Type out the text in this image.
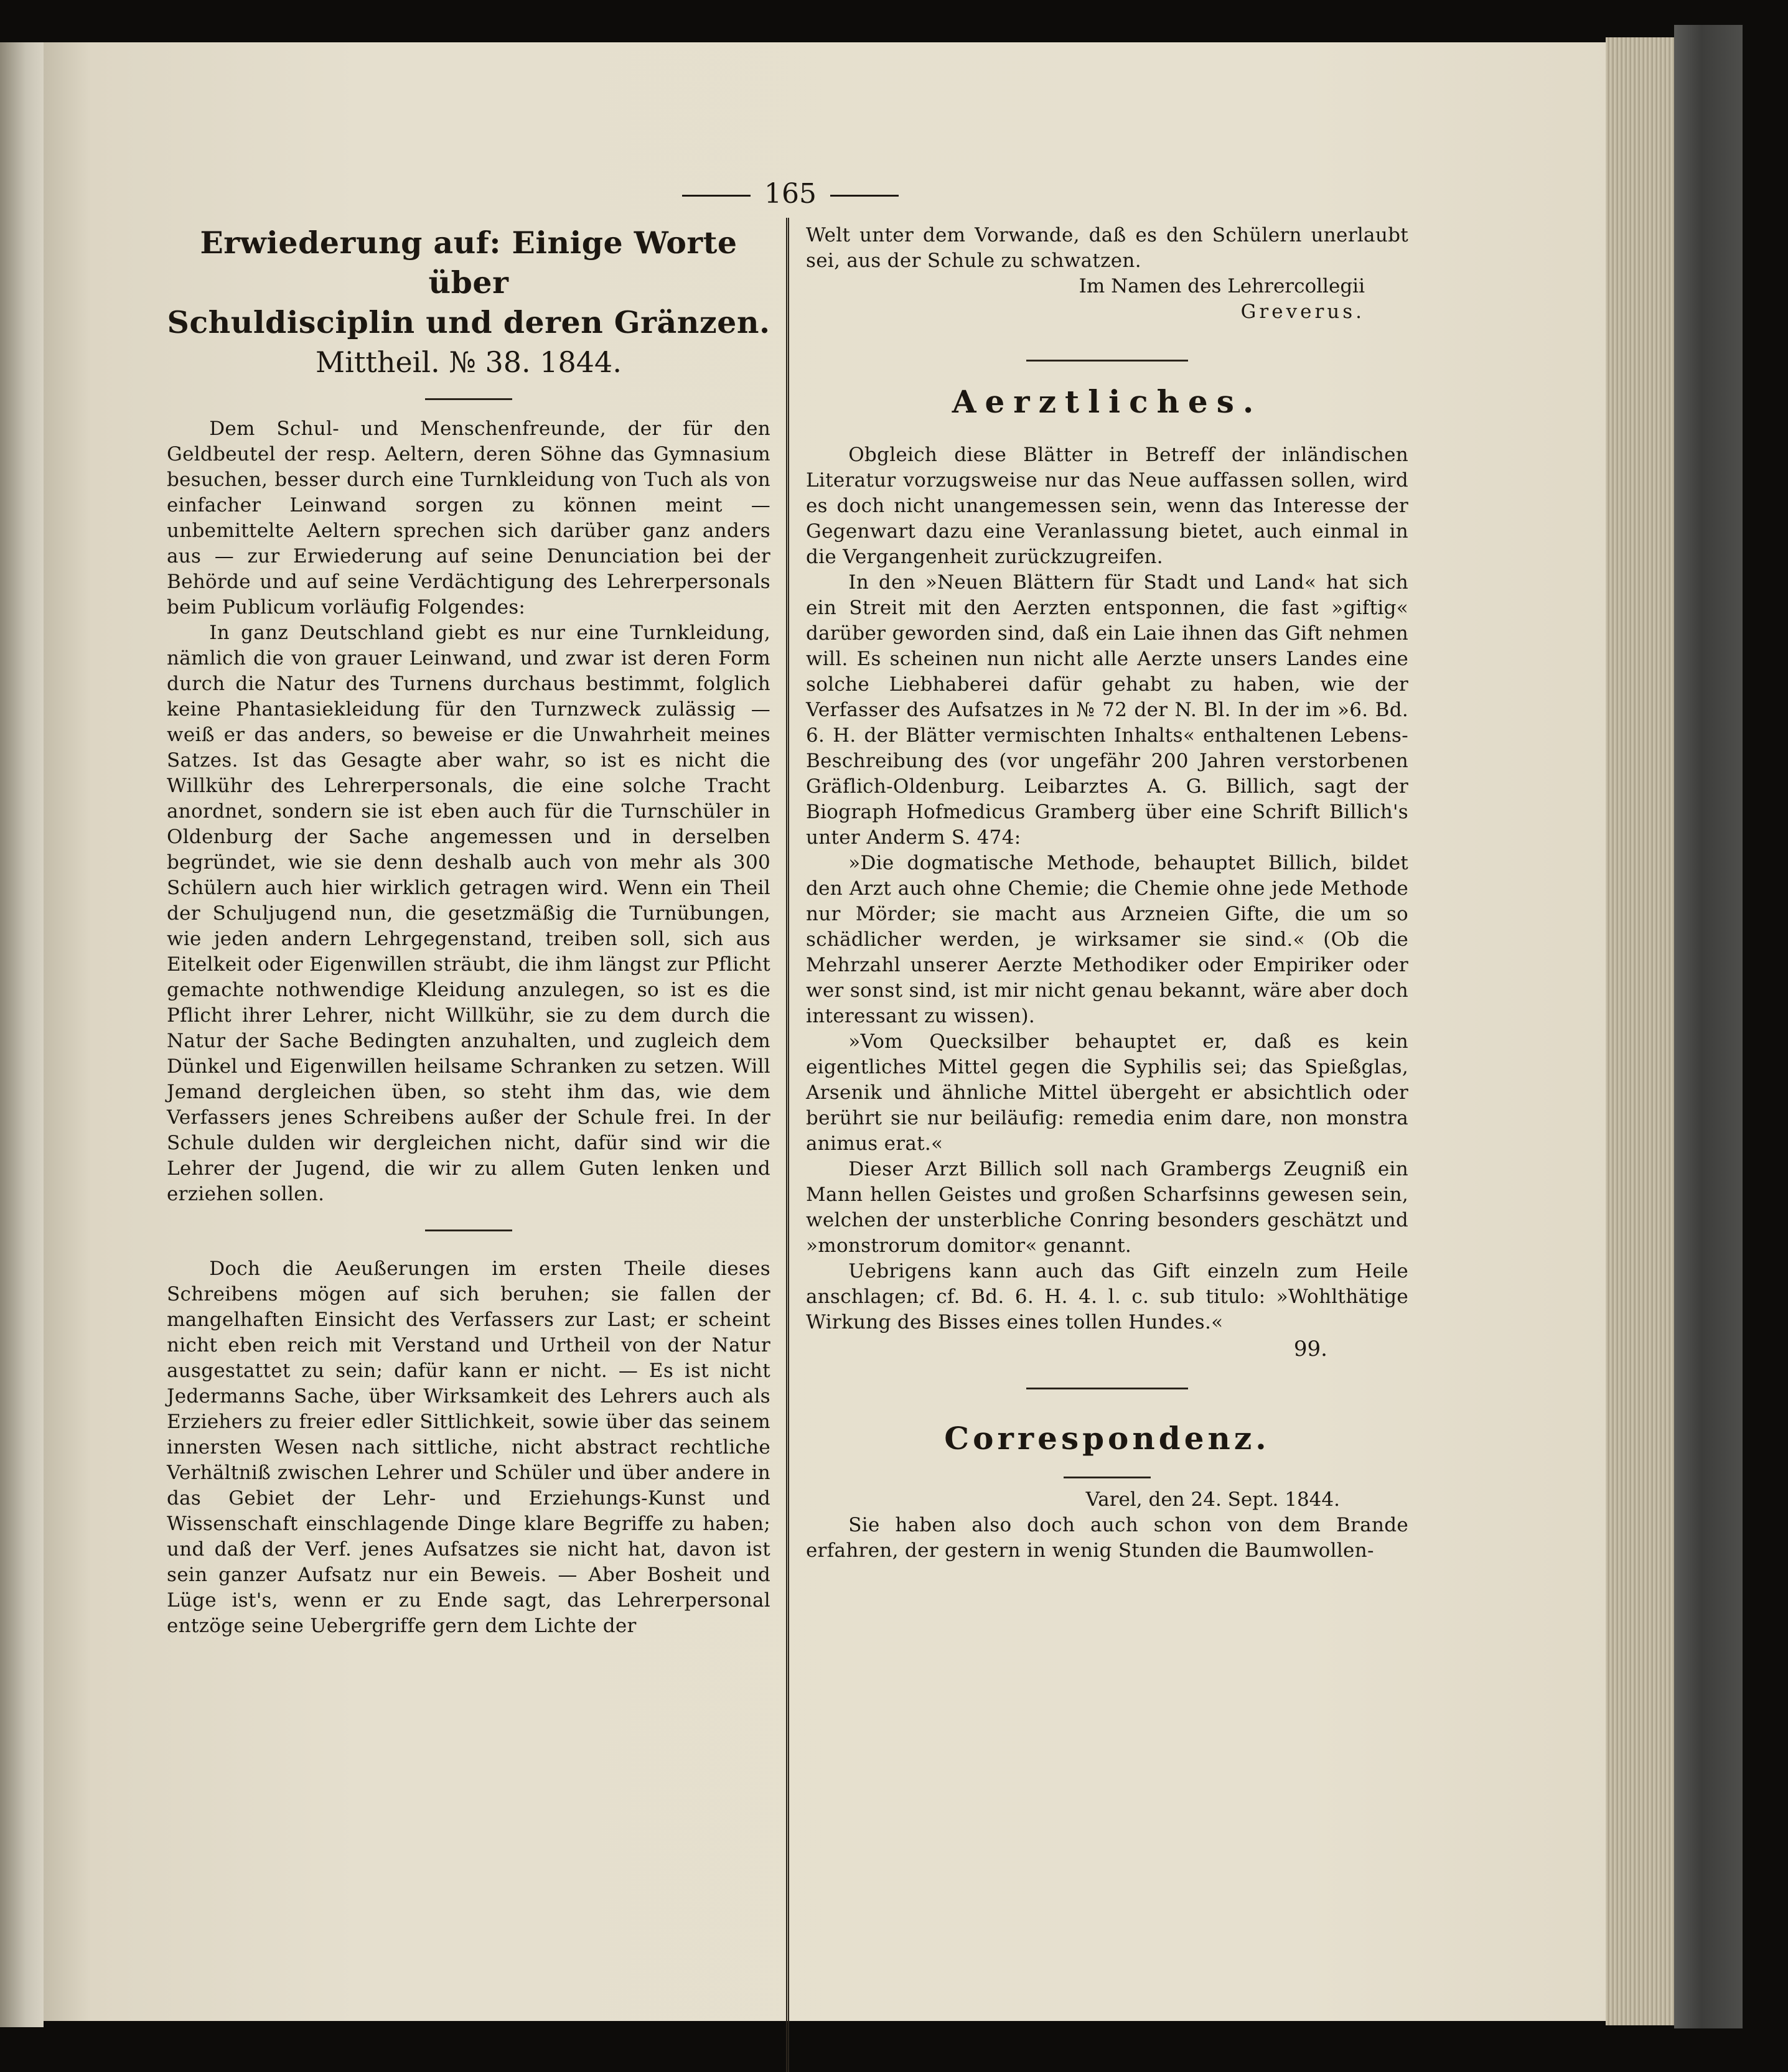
165

Erwiederung auf: Einige Worte über

Schuldisciplin und deren Gränzen.

Mittheil. № 38. 1844.

Dem Schul- und Menschenfreunde, der für den Geldbeutel der resp. Aeltern, deren Söhne das Gymnasium besuchen, besser durch eine Turnkleidung von Tuch als von einfacher Leinwand sorgen zu können meint — unbemittelte Aeltern sprechen sich darüber ganz anders aus — zur Erwiederung auf seine Denunciation bei der Behörde und auf seine Verdächtigung des Lehrerpersonals beim Publicum vorläufig Folgendes:

In ganz Deutschland giebt es nur eine Turnkleidung, nämlich die von grauer Leinwand, und zwar ist deren Form durch die Natur des Turnens durchaus bestimmt, folglich keine Phantasiekleidung für den Turnzweck zulässig — weiß er das anders, so beweise er die Unwahrheit meines Satzes. Ist das Gesagte aber wahr, so ist es nicht die Willkühr des Lehrerpersonals, die eine solche Tracht anordnet, sondern sie ist eben auch für die Turnschüler in Oldenburg der Sache angemessen und in derselben begründet, wie sie denn deshalb auch von mehr als 300 Schülern auch hier wirklich getragen wird. Wenn ein Theil der Schuljugend nun, die gesetzmäßig die Turnübungen, wie jeden andern Lehrgegenstand, treiben soll, sich aus Eitelkeit oder Eigenwillen sträubt, die ihm längst zur Pflicht gemachte nothwendige Kleidung anzulegen, so ist es die Pflicht ihrer Lehrer, nicht Willkühr, sie zu dem durch die Natur der Sache Bedingten anzuhalten, und zugleich dem Dünkel und Eigenwillen heilsame Schranken zu setzen. Will Jemand dergleichen üben, so steht ihm das, wie dem Verfassers jenes Schreibens außer der Schule frei. In der Schule dulden wir dergleichen nicht, dafür sind wir die Lehrer der Jugend, die wir zu allem Guten lenken und erziehen sollen.

Doch die Aeußerungen im ersten Theile dieses Schreibens mögen auf sich beruhen; sie fallen der mangelhaften Einsicht des Verfassers zur Last; er scheint nicht eben reich mit Verstand und Urtheil von der Natur ausgestattet zu sein; dafür kann er nicht. — Es ist nicht Jedermanns Sache, über Wirksamkeit des Lehrers auch als Erziehers zu freier edler Sittlichkeit, sowie über das seinem innersten Wesen nach sittliche, nicht abstract rechtliche Verhältniß zwischen Lehrer und Schüler und über andere in das Gebiet der Lehr- und Erziehungs-Kunst und Wissenschaft einschlagende Dinge klare Begriffe zu haben; und daß der Verf. jenes Aufsatzes sie nicht hat, davon ist sein ganzer Aufsatz nur ein Beweis. — Aber Bosheit und Lüge ist's, wenn er zu Ende sagt, das Lehrerpersonal entzöge seine Uebergriffe gern dem Lichte der

Welt unter dem Vorwande, daß es den Schülern unerlaubt sei, aus der Schule zu schwatzen.

Im Namen des Lehrercollegii

Greverus.

Aerztliches.

Obgleich diese Blätter in Betreff der inländischen Literatur vorzugsweise nur das Neue auffassen sollen, wird es doch nicht unangemessen sein, wenn das Interesse der Gegenwart dazu eine Veranlassung bietet, auch einmal in die Vergangenheit zurückzugreifen.

In den »Neuen Blättern für Stadt und Land« hat sich ein Streit mit den Aerzten entsponnen, die fast »giftig« darüber geworden sind, daß ein Laie ihnen das Gift nehmen will. Es scheinen nun nicht alle Aerzte unsers Landes eine solche Liebhaberei dafür gehabt zu haben, wie der Verfasser des Aufsatzes in № 72 der N. Bl. In der im »6. Bd. 6. H. der Blätter vermischten Inhalts« enthaltenen Lebens-Beschreibung des (vor ungefähr 200 Jahren verstorbenen Gräflich-Oldenburg. Leibarztes A. G. Billich, sagt der Biograph Hofmedicus Gramberg über eine Schrift Billich's unter Anderm S. 474:

»Die dogmatische Methode, behauptet Billich, bildet den Arzt auch ohne Chemie; die Chemie ohne jede Methode nur Mörder; sie macht aus Arzneien Gifte, die um so schädlicher werden, je wirksamer sie sind.« (Ob die Mehrzahl unserer Aerzte Methodiker oder Empiriker oder wer sonst sind, ist mir nicht genau bekannt, wäre aber doch interessant zu wissen).

»Vom Quecksilber behauptet er, daß es kein eigentliches Mittel gegen die Syphilis sei; das Spießglas, Arsenik und ähnliche Mittel übergeht er absichtlich oder berührt sie nur beiläufig: remedia enim dare, non monstra animus erat.«

Dieser Arzt Billich soll nach Grambergs Zeugniß ein Mann hellen Geistes und großen Scharfsinns gewesen sein, welchen der unsterbliche Conring besonders geschätzt und »monstrorum domitor« genannt.

Uebrigens kann auch das Gift einzeln zum Heile anschlagen; cf. Bd. 6. H. 4. l. c. sub titulo: »Wohlthätige Wirkung des Bisses eines tollen Hundes.«

99.

Correspondenz.

Varel, den 24. Sept. 1844.

Sie haben also doch auch schon von dem Brande erfahren, der gestern in wenig Stunden die Baumwollen-
